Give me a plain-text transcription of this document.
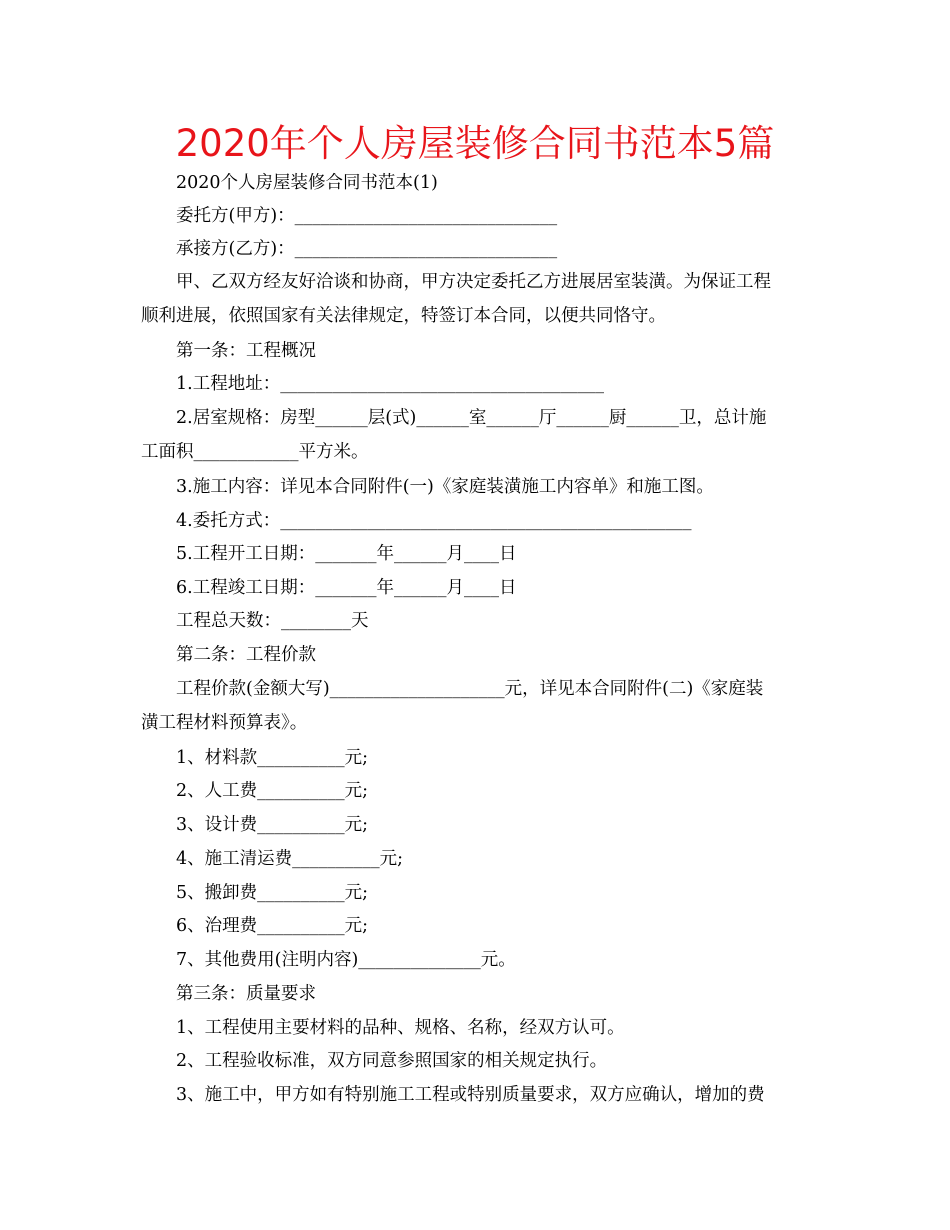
2020年个人房屋装修合同书范本5篇
2020个人房屋装修合同书范本(1)
委托方(甲方)：______________________________
承接方(乙方)：______________________________
甲、乙双方经友好洽谈和协商，甲方决定委托乙方进展居室装潢。为保证工程
顺利进展，依照国家有关法律规定，特签订本合同，以便共同恪守。
第一条：工程概况
1.工程地址：_____________________________________
2.居室规格：房型______层(式)______室______厅______厨______卫，总计施
工面积____________平方米。
3.施工内容：详见本合同附件(一)《家庭装潢施工内容单》和施工图。
4.委托方式：_______________________________________________
5.工程开工日期：_______年______月____日
6.工程竣工日期：_______年______月____日
工程总天数：________天
第二条：工程价款
工程价款(金额大写)____________________元，详见本合同附件(二)《家庭装
潢工程材料预算表》。
1、材料款__________元;
2、人工费__________元;
3、设计费__________元;
4、施工清运费__________元;
5、搬卸费__________元;
6、治理费__________元;
7、其他费用(注明内容)______________元。
第三条：质量要求
1、工程使用主要材料的品种、规格、名称，经双方认可。
2、工程验收标准，双方同意参照国家的相关规定执行。
3、施工中，甲方如有特别施工工程或特别质量要求，双方应确认，增加的费
